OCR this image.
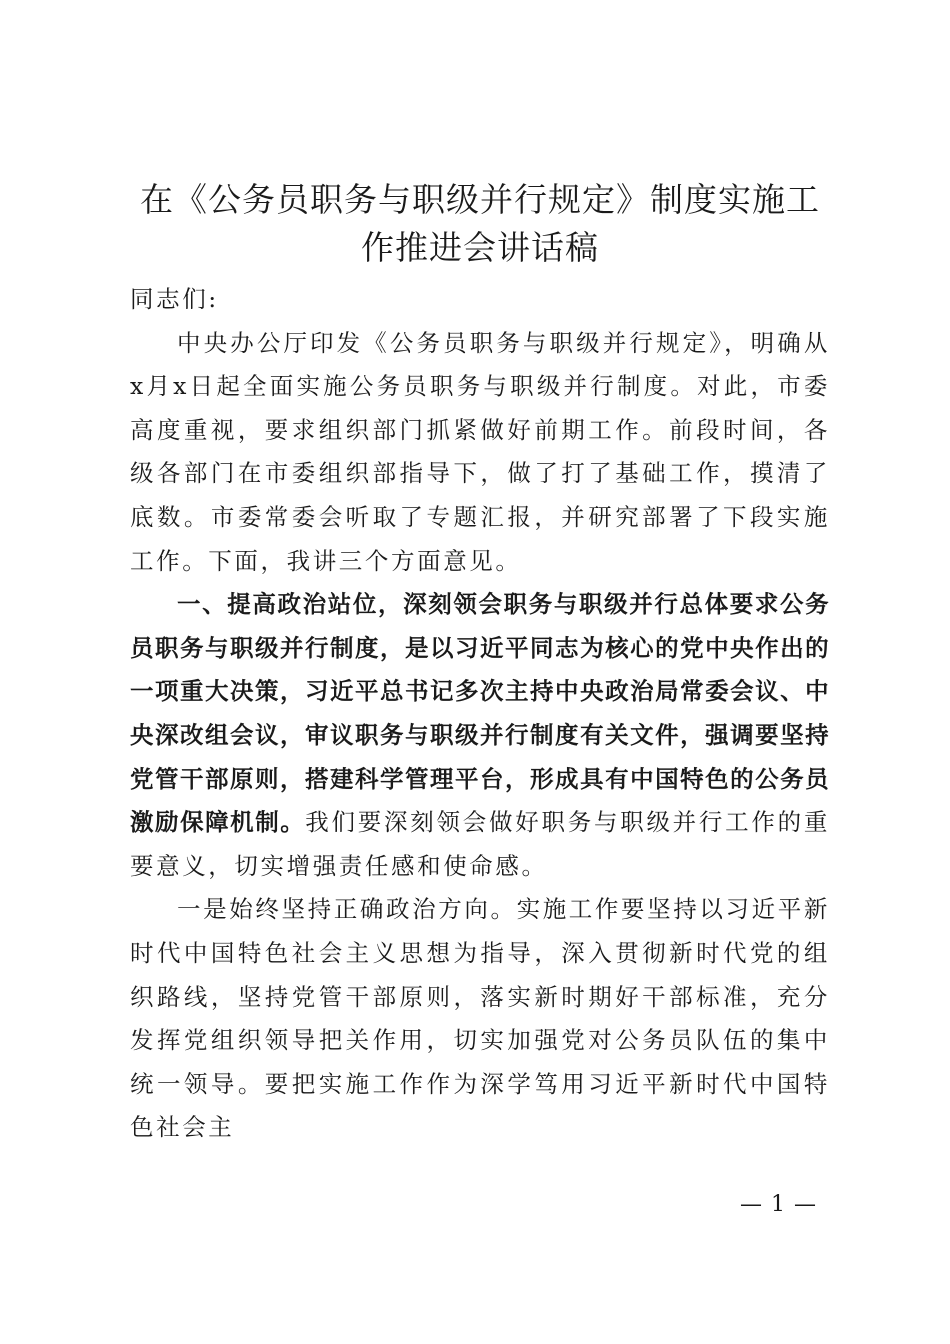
在《公务员职务与职级并行规定》制度实施工
作推进会讲话稿

同志们:

中央办公厅印发《公务员职务与职级并行规定》，明确从x月x日起全面实施公务员职务与职级并行制度。对此，市委高度重视，要求组织部门抓紧做好前期工作。前段时间，各级各部门在市委组织部指导下，做了打了基础工作，摸清了底数。市委常委会听取了专题汇报，并研究部署了下段实施工作。下面，我讲三个方面意见。

一、提高政治站位，深刻领会职务与职级并行总体要求公务员职务与职级并行制度，是以习近平同志为核心的党中央作出的一项重大决策，习近平总书记多次主持中央政治局常委会议、中央深改组会议，审议职务与职级并行制度有关文件，强调要坚持党管干部原则，搭建科学管理平台，形成具有中国特色的公务员激励保障机制。我们要深刻领会做好职务与职级并行工作的重要意义，切实增强责任感和使命感。

一是始终坚持正确政治方向。实施工作要坚持以习近平新时代中国特色社会主义思想为指导，深入贯彻新时代党的组织路线，坚持党管干部原则，落实新时期好干部标准，充分发挥党组织领导把关作用，切实加强党对公务员队伍的集中统一领导。要把实施工作作为深学笃用习近平新时代中国特色社会主

— 1 —
